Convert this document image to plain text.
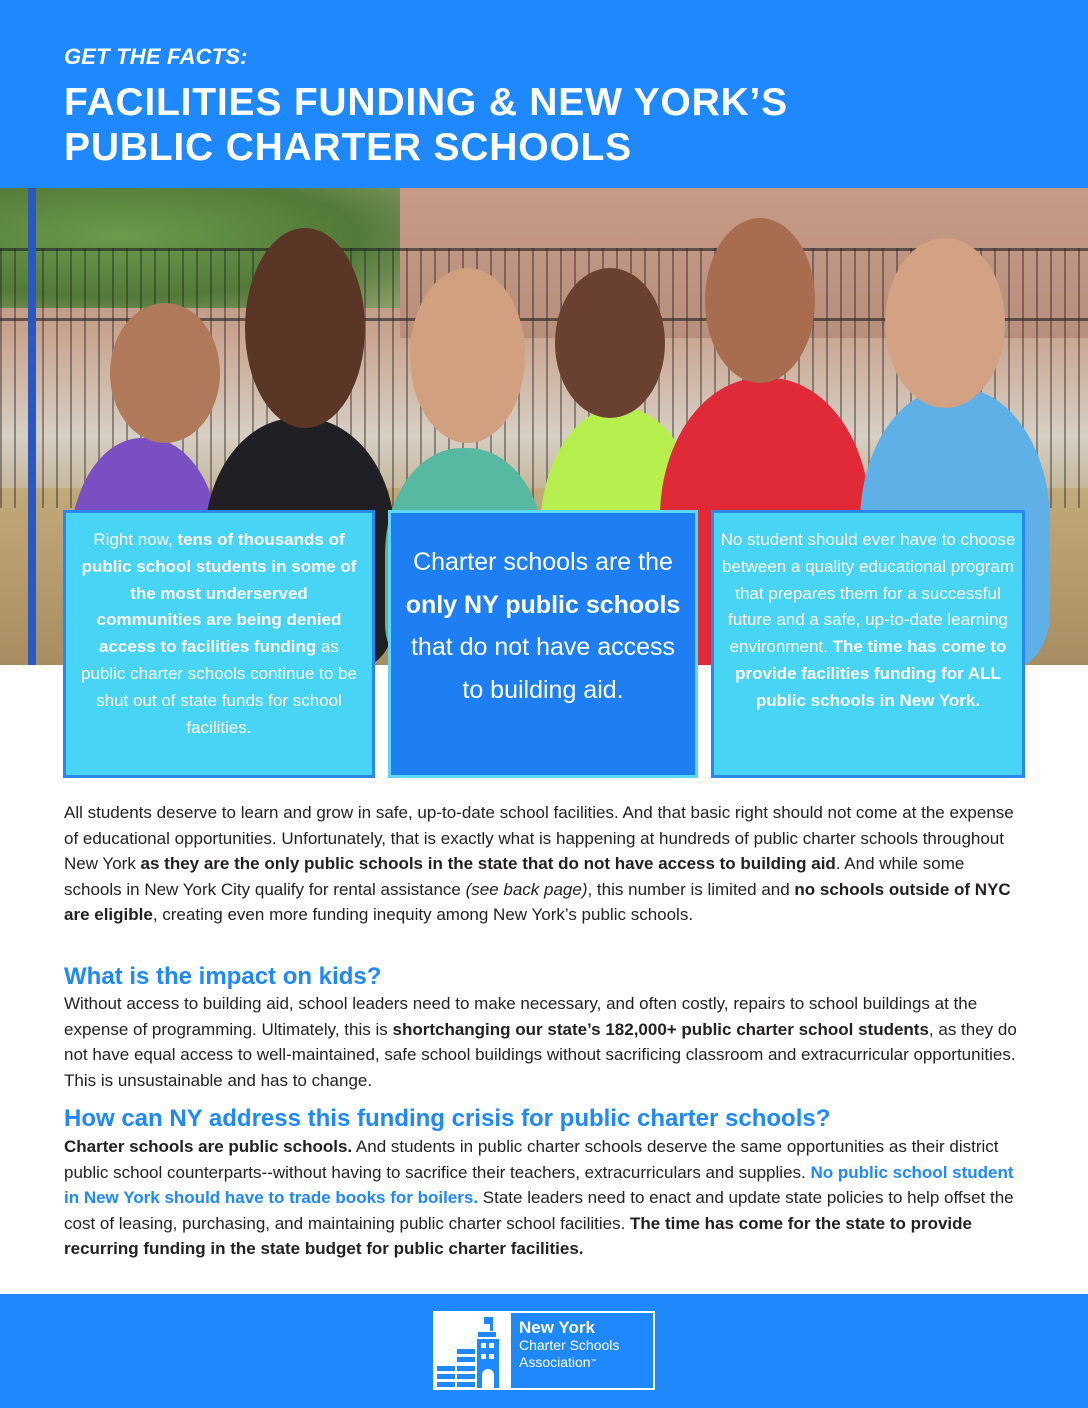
GET THE FACTS:
FACILITIES FUNDING & NEW YORK’S
PUBLIC CHARTER SCHOOLS
Right now, tens of thousands of public school students in some of the most underserved communities are being denied access to facilities funding as public charter schools continue to be shut out of state funds for school facilities.
Charter schools are the only NY public schools that do not have access to building aid.
No student should ever have to choose between a quality educational program that prepares them for a successful future and a safe, up-to-date learning environment. The time has come to provide facilities funding for ALL public schools in New York.
All students deserve to learn and grow in safe, up-to-date school facilities. And that basic right should not come at the expense of educational opportunities. Unfortunately, that is exactly what is happening at hundreds of public charter schools throughout New York as they are the only public schools in the state that do not have access to building aid. And while some schools in New York City qualify for rental assistance (see back page), this number is limited and no schools outside of NYC are eligible, creating even more funding inequity among New York’s public schools.
What is the impact on kids?
Without access to building aid, school leaders need to make necessary, and often costly, repairs to school buildings at the expense of programming. Ultimately, this is shortchanging our state’s 182,000+ public charter school students, as they do not have equal access to well-maintained, safe school buildings without sacrificing classroom and extracurricular opportunities. This is unsustainable and has to change.
How can NY address this funding crisis for public charter schools?
Charter schools are public schools. And students in public charter schools deserve the same opportunities as their district public school counterparts--without having to sacrifice their teachers, extracurriculars and supplies. No public school student in New York should have to trade books for boilers. State leaders need to enact and update state policies to help offset the cost of leasing, purchasing, and maintaining public charter school facilities. The time has come for the state to provide recurring funding in the state budget for public charter facilities.
New York
Charter Schools
Association™
